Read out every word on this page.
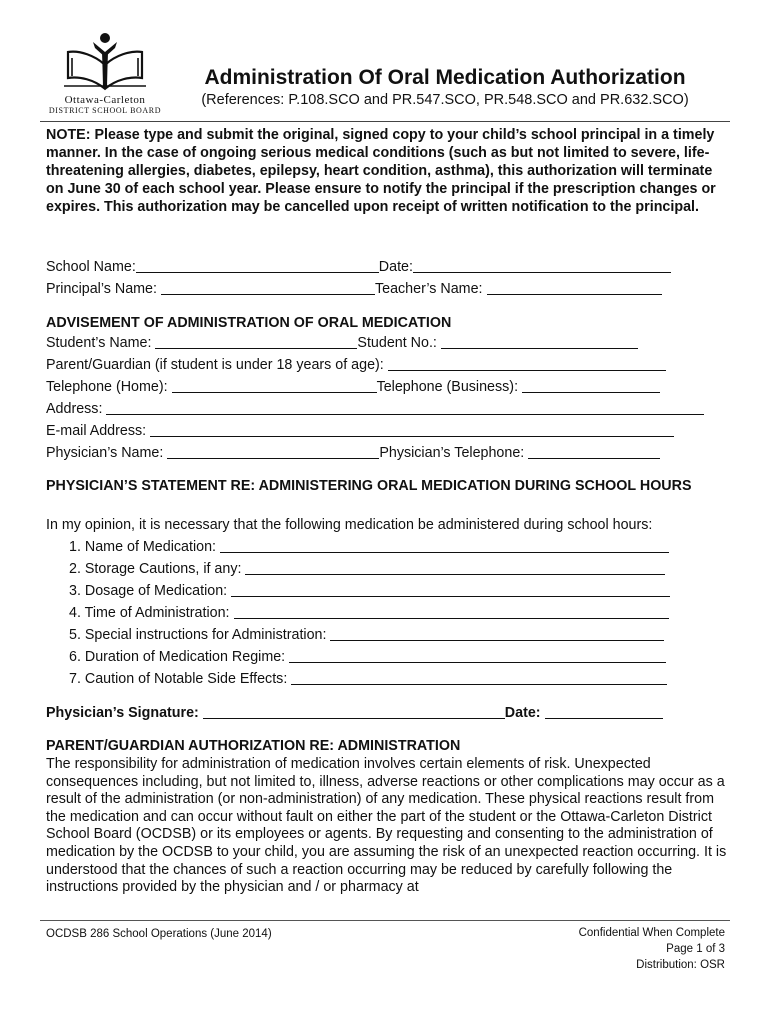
Ottawa-Carleton
DISTRICT SCHOOL BOARD
Administration Of Oral Medication Authorization
(References: P.108.SCO and PR.547.SCO, PR.548.SCO and PR.632.SCO)
NOTE: Please type and submit the original, signed copy to your child’s school principal in a timely manner. In the case of ongoing serious medical conditions (such as but not limited to severe, life-threatening allergies, diabetes, epilepsy, heart condition, asthma), this authorization will terminate on June 30 of each school year. Please ensure to notify the principal if the prescription changes or expires. This authorization may be cancelled upon receipt of written notification to the principal.
School Name:	Date:
Principal’s Name:	Teacher’s Name:
ADVISEMENT OF ADMINISTRATION OF ORAL MEDICATION
Student’s Name:	Student No.:
Parent/Guardian (if student is under 18 years of age):
Telephone (Home):	Telephone (Business):
Address:
E-mail Address:
Physician’s Name:	Physician’s Telephone:
PHYSICIAN’S STATEMENT RE: ADMINISTERING ORAL MEDICATION DURING SCHOOL HOURS
In my opinion, it is necessary that the following medication be administered during school hours:
1. Name of Medication:
2. Storage Cautions, if any:
3. Dosage of Medication:
4. Time of Administration:
5. Special instructions for Administration:
6. Duration of Medication Regime:
7. Caution of Notable Side Effects:
Physician’s Signature:	Date:
PARENT/GUARDIAN AUTHORIZATION RE: ADMINISTRATION
The responsibility for administration of medication involves certain elements of risk. Unexpected consequences including, but not limited to, illness, adverse reactions or other complications may occur as a result of the administration (or non-administration) of any medication. These physical reactions result from the medication and can occur without fault on either the part of the student or the Ottawa-Carleton District School Board (OCDSB) or its employees or agents. By requesting and consenting to the administration of medication by the OCDSB to your child, you are assuming the risk of an unexpected reaction occurring. It is understood that the chances of such a reaction occurring may be reduced by carefully following the instructions provided by the physician and / or pharmacy at
OCDSB 286 School Operations (June 2014)	Confidential When Complete
Page 1 of 3
Distribution: OSR
